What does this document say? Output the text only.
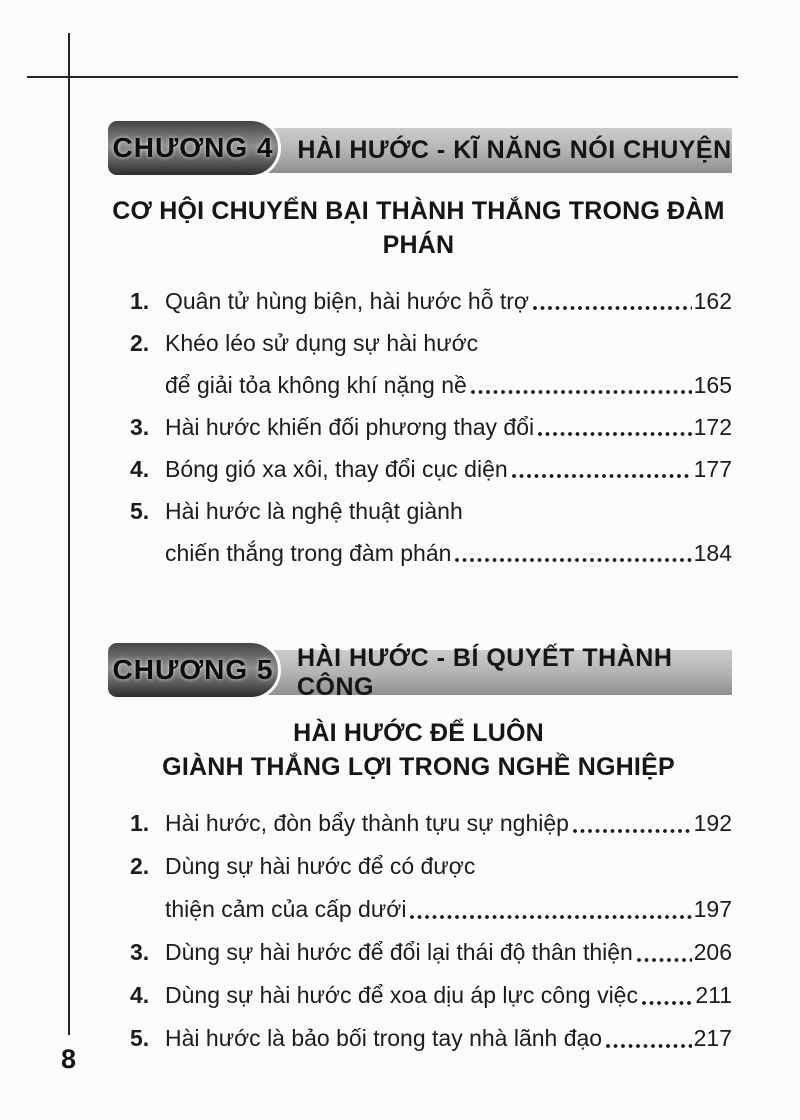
HÀI HƯỚC - KĨ NĂNG NÓI CHUYỆN
CHƯƠNG 4
CƠ HỘI CHUYỂN BẠI THÀNH THẮNG TRONG ĐÀM PHÁN
1. Quân tử hùng biện, hài hước hỗ trợ	162
2. Khéo léo sử dụng sự hài hước
để giải tỏa không khí nặng nề	165
3. Hài hước khiến đối phương thay đổi	172
4. Bóng gió xa xôi, thay đổi cục diện	177
5. Hài hước là nghệ thuật giành
chiến thắng trong đàm phán	184
HÀI HƯỚC - BÍ QUYẾT THÀNH CÔNG
CHƯƠNG 5
HÀI HƯỚC ĐỂ LUÔN
GIÀNH THẮNG LỢI TRONG NGHỀ NGHIỆP
1. Hài hước, đòn bẩy thành tựu sự nghiệp	192
2. Dùng sự hài hước để có được
thiện cảm của cấp dưới	197
3. Dùng sự hài hước để đổi lại thái độ thân thiện	206
4. Dùng sự hài hước để xoa dịu áp lực công việc 211
5. Hài hước là bảo bối trong tay nhà lãnh đạo	217
8
